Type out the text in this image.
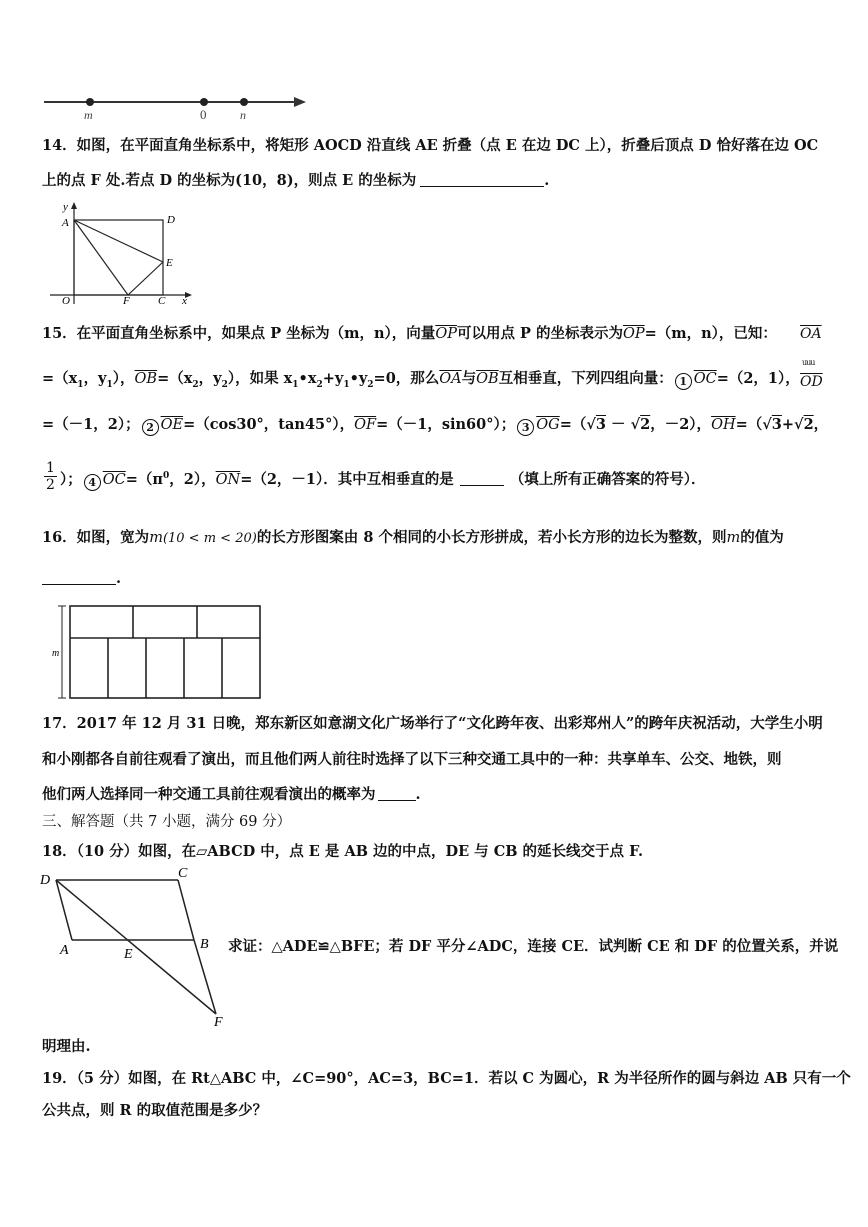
m	0	n
14．如图，在平面直角坐标系中，将矩形 AOCD 沿直线 AE 折叠（点 E 在边 DC 上），折叠后顶点 D 恰好落在边 OC
上的点 F 处.若点 D 的坐标为(10，8)，则点 E 的坐标为	.
y
A	D
E
O	F	C x
15．在平面直角坐标系中，如果点 P 坐标为（m，n），向量$\overline{OP}$可以用点 P 的坐标表示为$\overline{OP}=(m$，n），已知： $\overline{OA}$
uuu
$=(x_1$，$y_1$），$\overline{OB}=(x_2$，$y_2$），如果 $x_1•x_2+y_1•y_2=0$，那么$\overline{OA}$与$\overline{OB}$互相垂直，下列四组向量： 1 $\overline{OC}=(2$，1）， $\overline{OD}$
=（－1，2）； 2 $\overline{OE}=(\cos 30^\circ$，tan45°），$\overline{OF}=(-1$，sin60°）； 3 $\overline{OG}=(√3 - √2$，－2），$\overline{OH}=(√3+√2$，
$\frac{1}{2}$ ）； 4 $\overline{OC}=(\pi^0$，2），$\overline{ON}=(2$，－1）．其中互相垂直的是	（填上所有正确答案的符号）．
16．如图，宽为m(10 < m < 20)的长方形图案由 8 个相同的小长方形拼成，若小长方形的边长为整数，则m的值为
.
m
17．2017 年 12 月 31 日晚，郑东新区如意湖文化广场举行了“文化跨年夜、出彩郑州人”的跨年庆祝活动，大学生小明
和小刚都各自前往观看了演出，而且他们两人前往时选择了以下三种交通工具中的一种：共享单车、公交、地铁，则
他们两人选择同一种交通工具前往观看演出的概率为	.
三、解答题（共 7 小题，满分 69 分）
18．（10 分）如图，在▱ABCD 中，点 E 是 AB 边的中点，DE 与 CB 的延长线交于点 F.
D	C
A	E
B
F
求证：△ADE≌△BFE；若 DF 平分∠ADC，连接 CE．试判断 CE 和 DF 的位置关系，并说
明理由.
19．（5 分）如图，在 Rt△ABC 中，∠C=90°，AC=3，BC=1．若以 C 为圆心，R 为半径所作的圆与斜边 AB 只有一个
公共点，则 R 的取值范围是多少？
